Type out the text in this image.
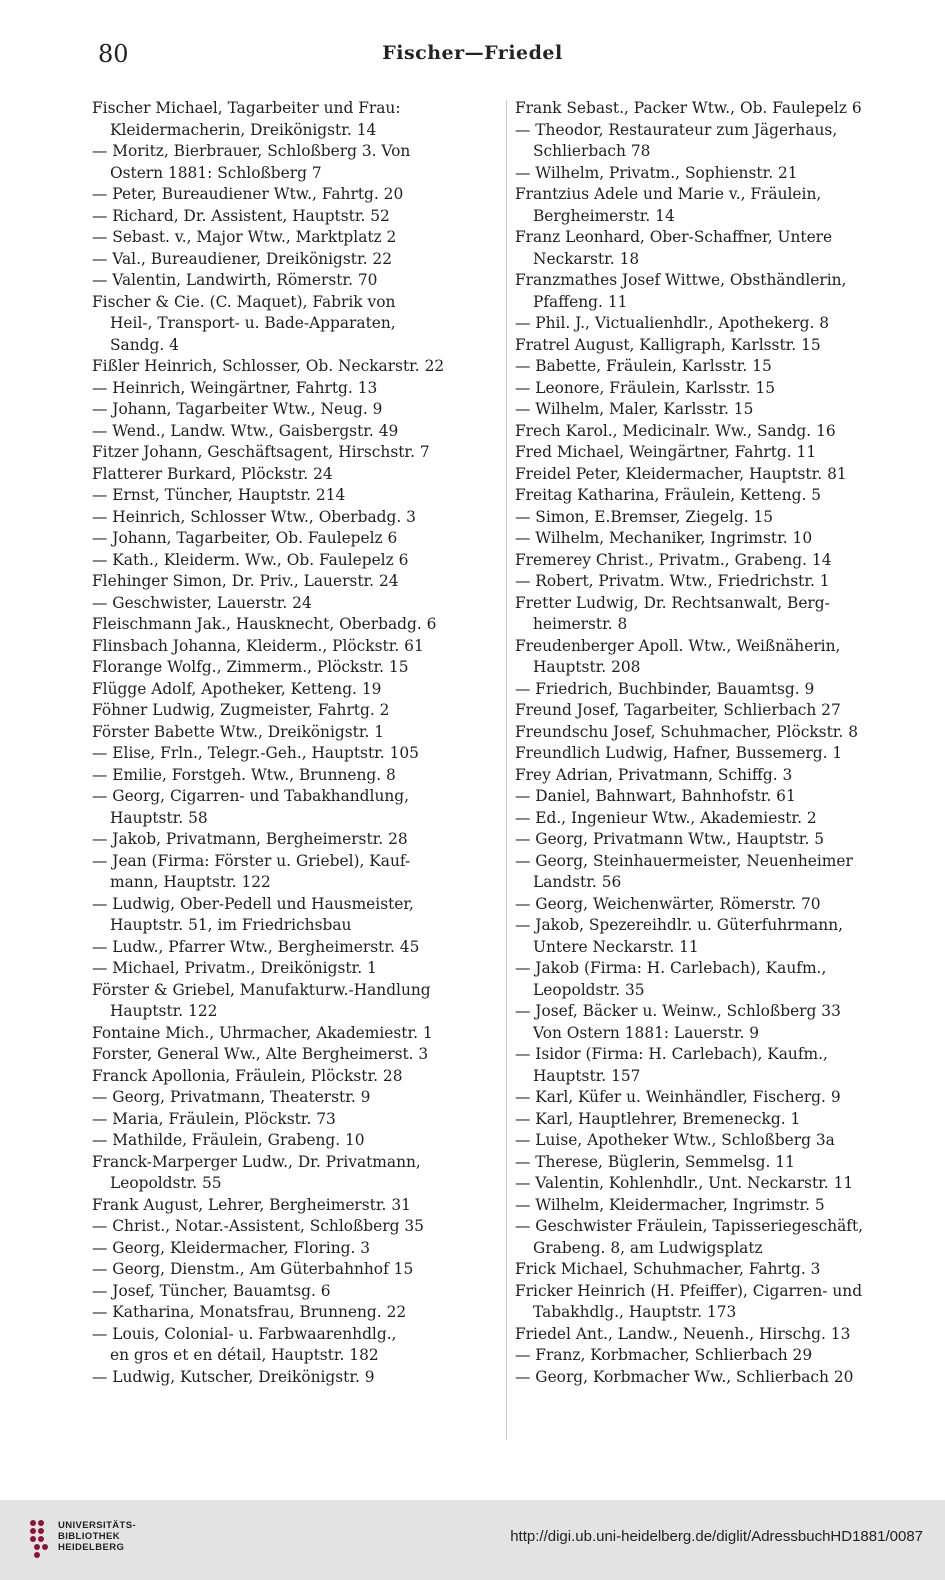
80	Fischer—Friedel
Fischer Michael, Tagarbeiter und Frau:
Kleidermacherin, Dreikönigstr. 14
— Moritz, Bierbrauer, Schloßberg 3. Von
Ostern 1881: Schloßberg 7
— Peter, Bureaudiener Wtw., Fahrtg. 20
— Richard, Dr. Assistent, Hauptstr. 52
— Sebast. v., Major Wtw., Marktplatz 2
— Val., Bureaudiener, Dreikönigstr. 22
— Valentin, Landwirth, Römerstr. 70
Fischer & Cie. (C. Maquet), Fabrik von
Heil-, Transport- u. Bade-Apparaten,
Sandg. 4
Fißler Heinrich, Schlosser, Ob. Neckarstr. 22
— Heinrich, Weingärtner, Fahrtg. 13
— Johann, Tagarbeiter Wtw., Neug. 9
— Wend., Landw. Wtw., Gaisbergstr. 49
Fitzer Johann, Geschäftsagent, Hirschstr. 7
Flatterer Burkard, Plöckstr. 24
— Ernst, Tüncher, Hauptstr. 214
— Heinrich, Schlosser Wtw., Oberbadg. 3
— Johann, Tagarbeiter, Ob. Faulepelz 6
— Kath., Kleiderm. Ww., Ob. Faulepelz 6
Flehinger Simon, Dr. Priv., Lauerstr. 24
— Geschwister, Lauerstr. 24
Fleischmann Jak., Hausknecht, Oberbadg. 6
Flinsbach Johanna, Kleiderm., Plöckstr. 61
Florange Wolfg., Zimmerm., Plöckstr. 15
Flügge Adolf, Apotheker, Ketteng. 19
Föhner Ludwig, Zugmeister, Fahrtg. 2
Förster Babette Wtw., Dreikönigstr. 1
— Elise, Frln., Telegr.-Geh., Hauptstr. 105
— Emilie, Forstgeh. Wtw., Brunneng. 8
— Georg, Cigarren- und Tabakhandlung,
Hauptstr. 58
— Jakob, Privatmann, Bergheimerstr. 28
— Jean (Firma: Förster u. Griebel), Kauf-
mann, Hauptstr. 122
— Ludwig, Ober-Pedell und Hausmeister,
Hauptstr. 51, im Friedrichsbau
— Ludw., Pfarrer Wtw., Bergheimerstr. 45
— Michael, Privatm., Dreikönigstr. 1
Förster & Griebel, Manufakturw.-Handlung
Hauptstr. 122
Fontaine Mich., Uhrmacher, Akademiestr. 1
Forster, General Ww., Alte Bergheimerst. 3
Franck Apollonia, Fräulein, Plöckstr. 28
— Georg, Privatmann, Theaterstr. 9
— Maria, Fräulein, Plöckstr. 73
— Mathilde, Fräulein, Grabeng. 10
Franck-Marperger Ludw., Dr. Privatmann,
Leopoldstr. 55
Frank August, Lehrer, Bergheimerstr. 31
— Christ., Notar.-Assistent, Schloßberg 35
— Georg, Kleidermacher, Floring. 3
— Georg, Dienstm., Am Güterbahnhof 15
— Josef, Tüncher, Bauamtsg. 6
— Katharina, Monatsfrau, Brunneng. 22
— Louis, Colonial- u. Farbwaarenhdlg.,
en gros et en détail, Hauptstr. 182
— Ludwig, Kutscher, Dreikönigstr. 9
Frank Sebast., Packer Wtw., Ob. Faulepelz 6
— Theodor, Restaurateur zum Jägerhaus,
Schlierbach 78
— Wilhelm, Privatm., Sophienstr. 21
Frantzius Adele und Marie v., Fräulein,
Bergheimerstr. 14
Franz Leonhard, Ober-Schaffner, Untere
Neckarstr. 18
Franzmathes Josef Wittwe, Obsthändlerin,
Pfaffeng. 11
— Phil. J., Victualienhdlr., Apothekerg. 8
Fratrel August, Kalligraph, Karlsstr. 15
— Babette, Fräulein, Karlsstr. 15
— Leonore, Fräulein, Karlsstr. 15
— Wilhelm, Maler, Karlsstr. 15
Frech Karol., Medicinalr. Ww., Sandg. 16
Fred Michael, Weingärtner, Fahrtg. 11
Freidel Peter, Kleidermacher, Hauptstr. 81
Freitag Katharina, Fräulein, Ketteng. 5
— Simon, E.Bremser, Ziegelg. 15
— Wilhelm, Mechaniker, Ingrimstr. 10
Fremerey Christ., Privatm., Grabeng. 14
— Robert, Privatm. Wtw., Friedrichstr. 1
Fretter Ludwig, Dr. Rechtsanwalt, Berg-
heimerstr. 8
Freudenberger Apoll. Wtw., Weißnäherin,
Hauptstr. 208
— Friedrich, Buchbinder, Bauamtsg. 9
Freund Josef, Tagarbeiter, Schlierbach 27
Freundschu Josef, Schuhmacher, Plöckstr. 8
Freundlich Ludwig, Hafner, Bussemerg. 1
Frey Adrian, Privatmann, Schiffg. 3
— Daniel, Bahnwart, Bahnhofstr. 61
— Ed., Ingenieur Wtw., Akademiestr. 2
— Georg, Privatmann Wtw., Hauptstr. 5
— Georg, Steinhauermeister, Neuenheimer
Landstr. 56
— Georg, Weichenwärter, Römerstr. 70
— Jakob, Spezereihdlr. u. Güterfuhrmann,
Untere Neckarstr. 11
— Jakob (Firma: H. Carlebach), Kaufm.,
Leopoldstr. 35
— Josef, Bäcker u. Weinw., Schloßberg 33
Von Ostern 1881: Lauerstr. 9
— Isidor (Firma: H. Carlebach), Kaufm.,
Hauptstr. 157
— Karl, Küfer u. Weinhändler, Fischerg. 9
— Karl, Hauptlehrer, Bremeneckg. 1
— Luise, Apotheker Wtw., Schloßberg 3a
— Therese, Büglerin, Semmelsg. 11
— Valentin, Kohlenhdlr., Unt. Neckarstr. 11
— Wilhelm, Kleidermacher, Ingrimstr. 5
— Geschwister Fräulein, Tapisseriegeschäft,
Grabeng. 8, am Ludwigsplatz
Frick Michael, Schuhmacher, Fahrtg. 3
Fricker Heinrich (H. Pfeiffer), Cigarren- und
Tabakhdlg., Hauptstr. 173
Friedel Ant., Landw., Neuenh., Hirschg. 13
— Franz, Korbmacher, Schlierbach 29
— Georg, Korbmacher Ww., Schlierbach 20
UNIVERSITÄTS-
BIBLIOTHEK
HEIDELBERG
http://digi.ub.uni-heidelberg.de/diglit/AdressbuchHD1881/0087
